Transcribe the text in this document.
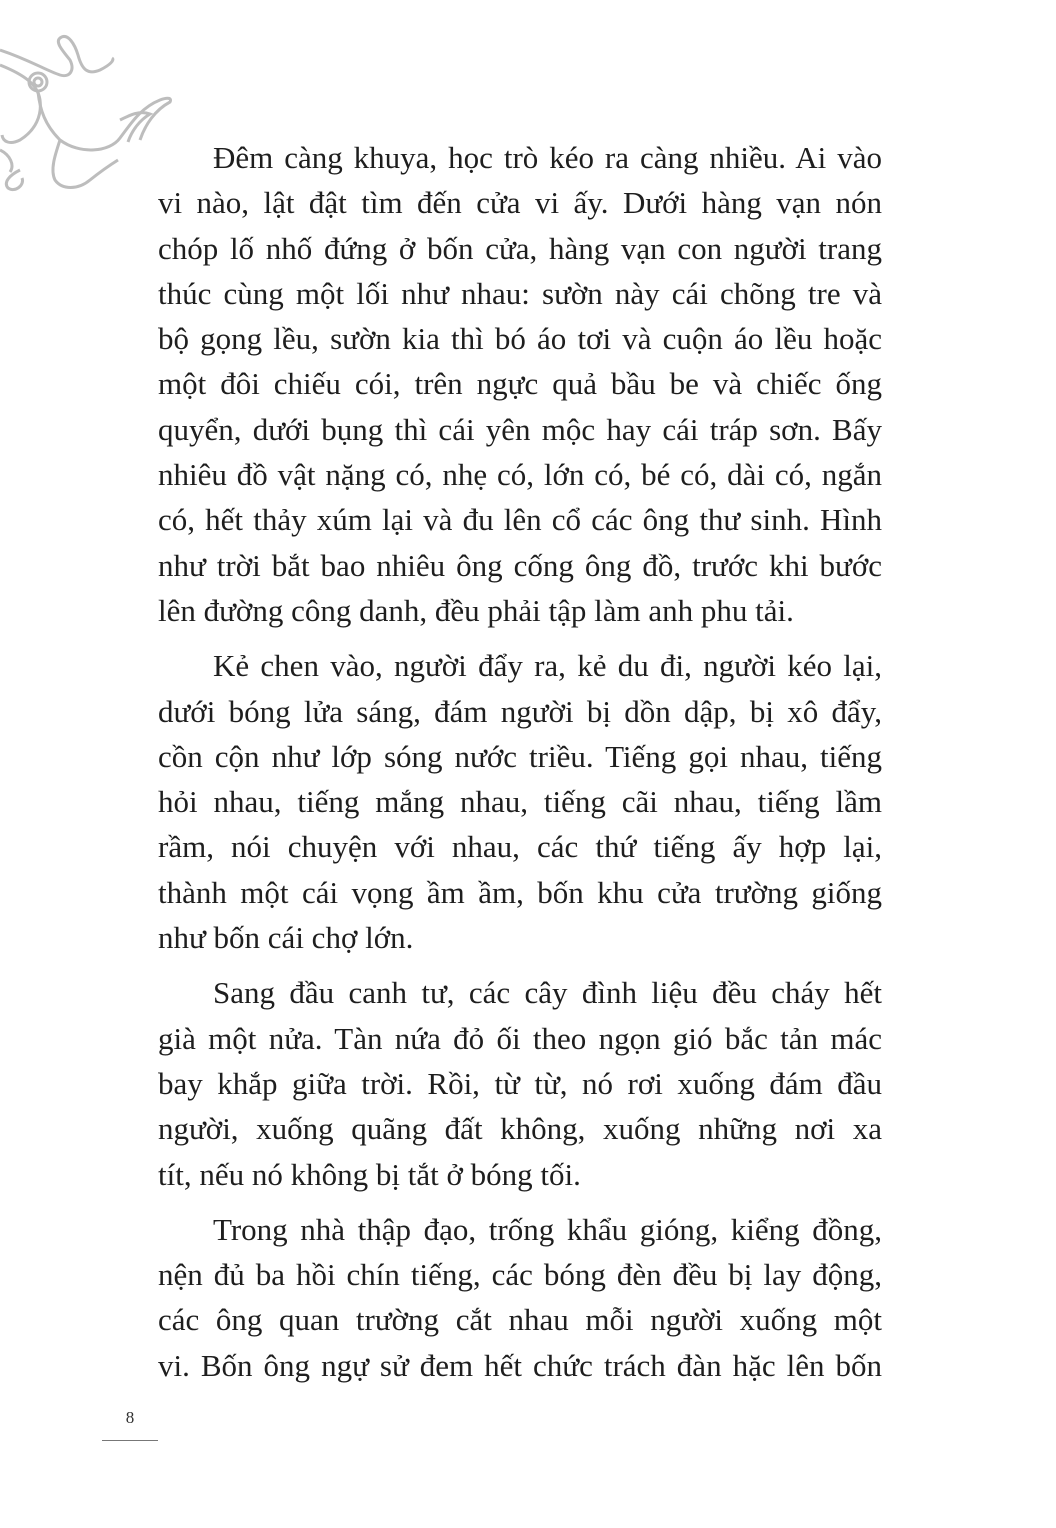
Đêm càng khuya, học trò kéo ra càng nhiều. Ai vào
vi nào, lật đật tìm đến cửa vi ấy. Dưới hàng vạn nón
chóp lố nhố đứng ở bốn cửa, hàng vạn con người trang
thúc cùng một lối như nhau: sườn này cái chõng tre và
bộ gọng lều, sườn kia thì bó áo tơi và cuộn áo lều hoặc
một đôi chiếu cói, trên ngực quả bầu be và chiếc ống
quyển, dưới bụng thì cái yên mộc hay cái tráp sơn. Bấy
nhiêu đồ vật nặng có, nhẹ có, lớn có, bé có, dài có, ngắn
có, hết thảy xúm lại và đu lên cổ các ông thư sinh. Hình
như trời bắt bao nhiêu ông cống ông đồ, trước khi bước
lên đường công danh, đều phải tập làm anh phu tải.

Kẻ chen vào, người đẩy ra, kẻ du đi, người kéo lại,
dưới bóng lửa sáng, đám người bị dồn dập, bị xô đẩy,
cồn cộn như lớp sóng nước triều. Tiếng gọi nhau, tiếng
hỏi nhau, tiếng mắng nhau, tiếng cãi nhau, tiếng lầm
rầm, nói chuyện với nhau, các thứ tiếng ấy hợp lại,
thành một cái vọng ầm ầm, bốn khu cửa trường giống
như bốn cái chợ lớn.

Sang đầu canh tư, các cây đình liệu đều cháy hết
già một nửa. Tàn nứa đỏ ối theo ngọn gió bắc tản mác
bay khắp giữa trời. Rồi, từ từ, nó rơi xuống đám đầu
người, xuống quãng đất không, xuống những nơi xa
tít, nếu nó không bị tắt ở bóng tối.

Trong nhà thập đạo, trống khẩu gióng, kiểng đồng,
nện đủ ba hồi chín tiếng, các bóng đèn đều bị lay động,
các ông quan trường cắt nhau mỗi người xuống một
vi. Bốn ông ngự sử đem hết chức trách đàn hặc lên bốn

8
